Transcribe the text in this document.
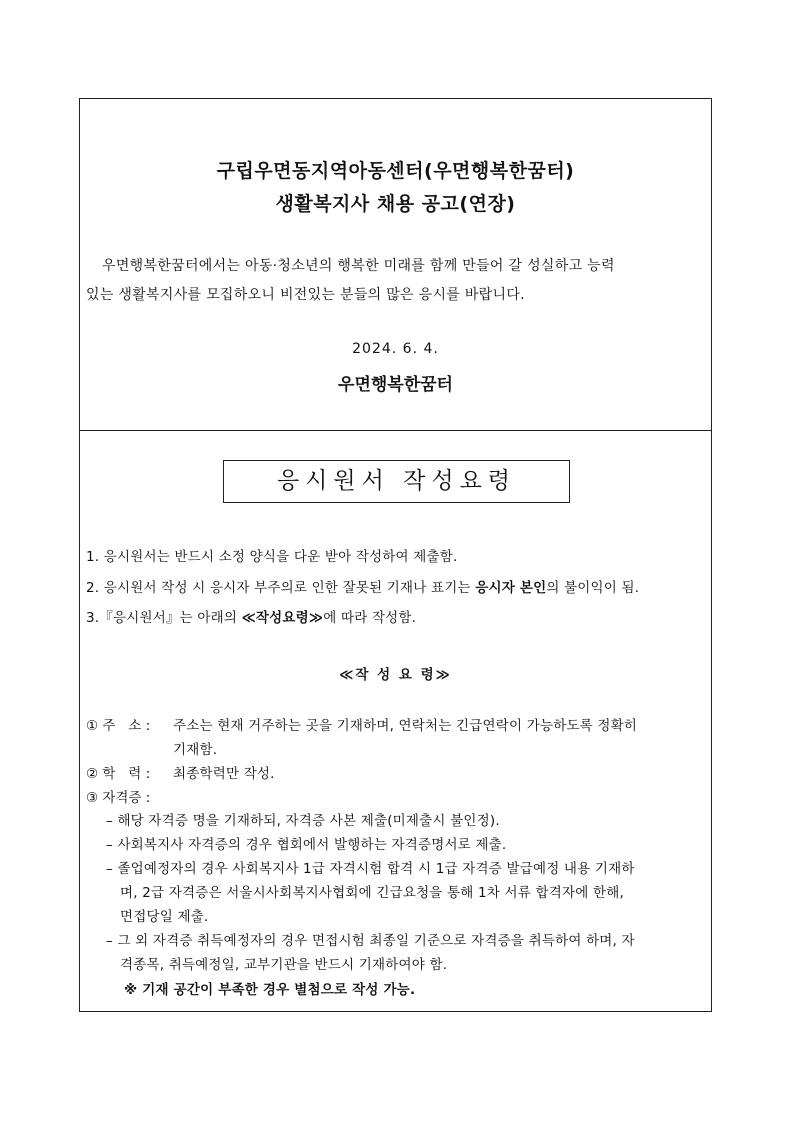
구립우면동지역아동센터(우면행복한꿈터)
생활복지사 채용 공고(연장)
우면행복한꿈터에서는 아동·청소년의 행복한 미래를 함께 만들어 갈 성실하고 능력
있는 생활복지사를 모집하오니 비전있는 분들의 많은 응시를 바랍니다.
2024. 6. 4.
우면행복한꿈터
응시원서 작성요령
1. 응시원서는 반드시 소정 양식을 다운 받아 작성하여 제출함.
2. 응시원서 작성 시 응시자 부주의로 인한 잘못된 기재나 표기는 응시자 본인의 불이익이 됨.
3.『응시원서』는 아래의 ≪작성요령≫에 따라 작성함.
≪작 성 요 령≫
① 주   소 : 주소는 현재 거주하는 곳을 기재하며, 연락처는 긴급연락이 가능하도록 정확히
기재함.
② 학   력 : 최종학력만 작성.
③ 자격증 :
– 해당 자격증 명을 기재하되, 자격증 사본 제출(미제출시 불인정).
– 사회복지사 자격증의 경우 협회에서 발행하는 자격증명서로 제출.
– 졸업예정자의 경우 사회복지사 1급 자격시험 합격 시 1급 자격증 발급예정 내용 기재하
며, 2급 자격증은 서울시사회복지사협회에 긴급요청을 통해 1차 서류 합격자에 한해,
면접당일 제출.
– 그 외 자격증 취득예정자의 경우 면접시험 최종일 기준으로 자격증을 취득하여 하며, 자
격종목, 취득예정일, 교부기관을 반드시 기재하여야 함.
※ 기재 공간이 부족한 경우 별첨으로 작성 가능.
